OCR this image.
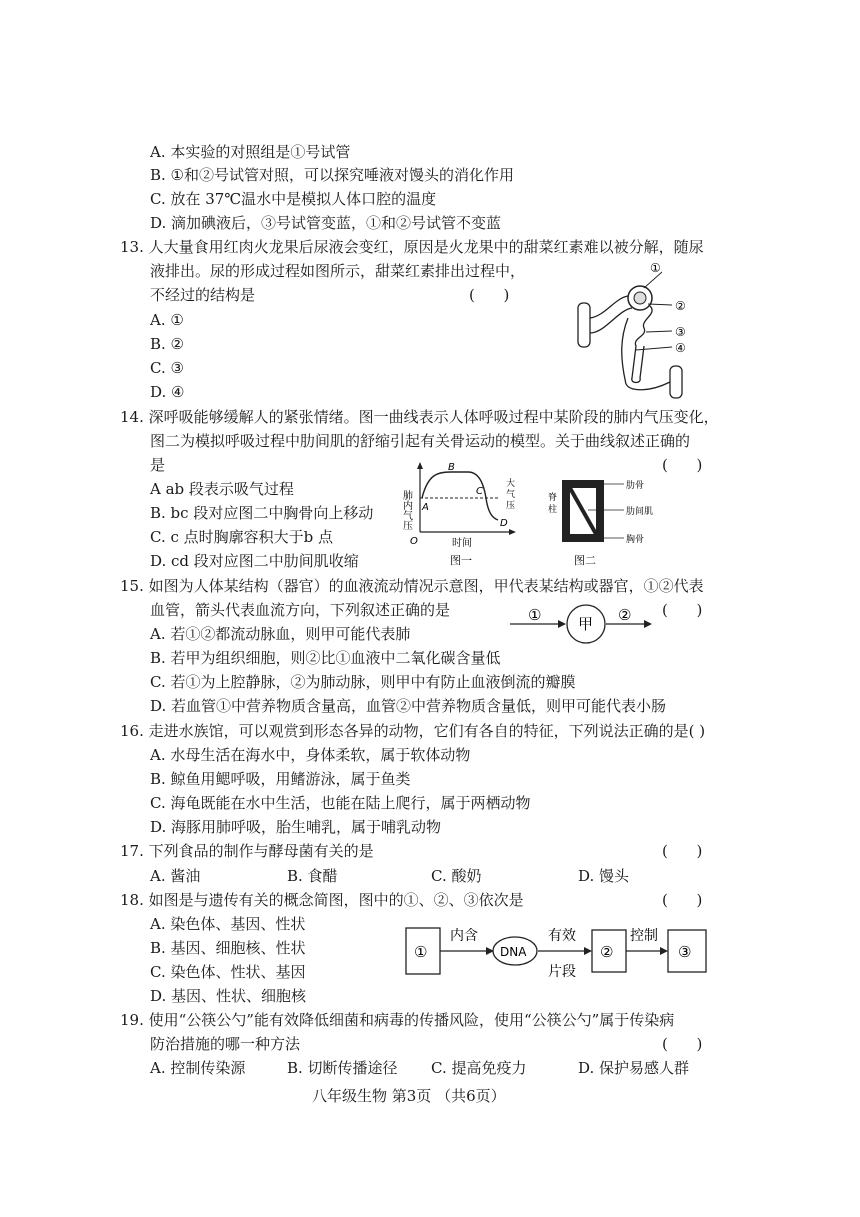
A. 本实验的对照组是①号试管
B. ①和②号试管对照，可以探究唾液对馒头的消化作用
C. 放在 37℃温水中是模拟人体口腔的温度
D. 滴加碘液后，③号试管变蓝，①和②号试管不变蓝
13. 人大量食用红肉火龙果后尿液会变红，原因是火龙果中的甜菜红素难以被分解，随尿
液排出。尿的形成过程如图所示，甜菜红素排出过程中，
不经过的结构是	(      )
A. ①
B. ②
C. ③
D. ④
①
②
③
④
14. 深呼吸能够缓解人的紧张情绪。图一曲线表示人体呼吸过程中某阶段的肺内气压变化，
图二为模拟呼吸过程中肋间肌的舒缩引起有关骨运动的模型。关于曲线叙述正确的
是	(      )
A ab 段表示吸气过程
B. bc 段对应图二中胸骨向上移动
C. c 点时胸廓容积大于b 点
D. cd 段对应图二中肋间肌收缩
肺内气压
O
A
B
C
D
大
气
压
时间
图一
脊
柱
肋骨
肋间肌
胸骨
图二
15. 如图为人体某结构（器官）的血液流动情况示意图，甲代表某结构或器官，①②代表
血管，箭头代表血流方向，下列叙述正确的是	(      )
① 甲 ②
A. 若①②都流动脉血，则甲可能代表肺
B. 若甲为组织细胞，则②比①血液中二氧化碳含量低
C. 若①为上腔静脉，②为肺动脉，则甲中有防止血液倒流的瓣膜
D. 若血管①中营养物质含量高，血管②中营养物质含量低，则甲可能代表小肠
16. 走进水族馆，可以观赏到形态各异的动物，它们有各自的特征，下列说法正确的是( )
A. 水母生活在海水中，身体柔软，属于软体动物
B. 鲸鱼用鳃呼吸，用鳍游泳，属于鱼类
C. 海龟既能在水中生活，也能在陆上爬行，属于两栖动物
D. 海豚用肺呼吸，胎生哺乳，属于哺乳动物
17. 下列食品的制作与酵母菌有关的是	(      )
A. 酱油	B. 食醋	C. 酸奶	D. 馒头
18. 如图是与遗传有关的概念简图，图中的①、②、③依次是	(      )
A. 染色体、基因、性状
B. 基因、细胞核、性状
C. 染色体、性状、基因
D. 基因、性状、细胞核
①
内含
DNA
有效
片段
②
控制
③
19. 使用“公筷公勺”能有效降低细菌和病毒的传播风险，使用“公筷公勺”属于传染病
防治措施的哪一种方法	(      )
A. 控制传染源	B. 切断传播途径 C. 提高免疫力	D. 保护易感人群
八年级生物 第3页 （共6页）
